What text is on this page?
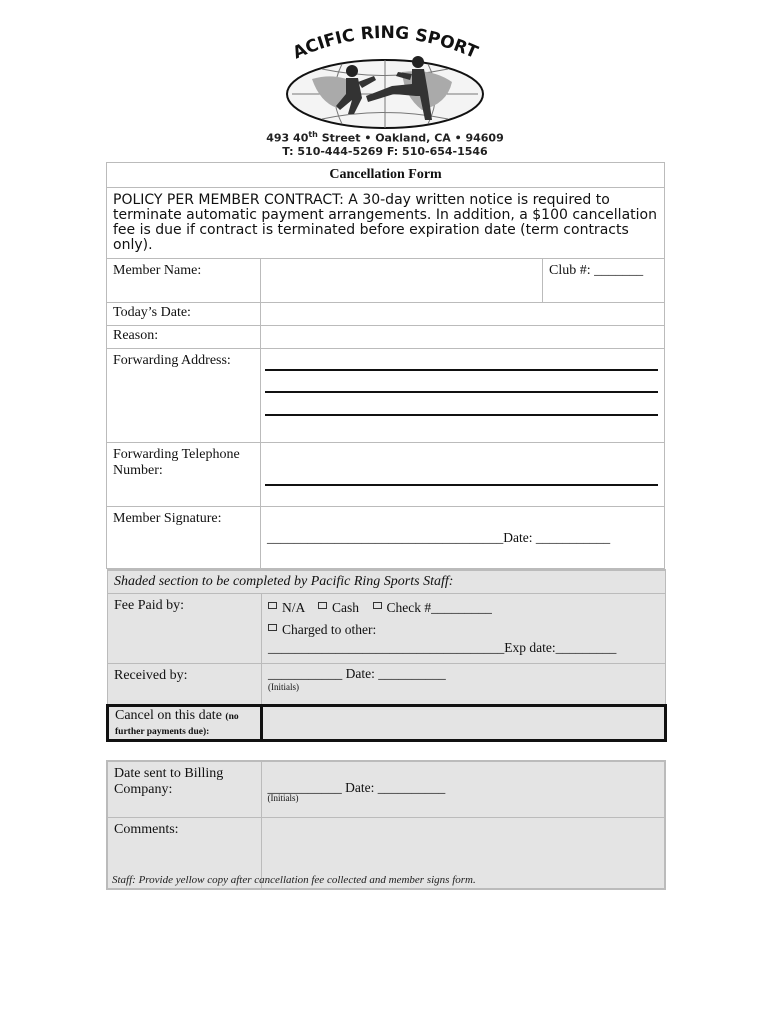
ACIFIC RING SPORT
493 40th Street • Oakland, CA • 94609
T: 510-444-5269 F: 510-654-1546
Cancellation Form		
POLICY PER MEMBER CONTRACT: A 30-day written notice is required to terminate automatic payment arrangements. In addition, a $100 cancellation fee is due if contract is terminated before expiration date (term contracts only).		
Member Name:		Club #: _______
Today’s Date:		
Reason:		
Forwarding Address:		

Forwarding Telephone Number:		

Member Signature:	___________________________________Date: ___________	
Shaded section to be completed by Pacific Ring Sports Staff:	
Fee Paid by:	N/A Cash Check #_________
Charged to other:
___________________________________Exp date:_________

Received by:	___________ Date: __________
(Initials)

Cancel on this date (no
further payments due):	
Date sent to Billing Company:	___________ Date: __________
(Initials)

Comments:	
Staff: Provide yellow copy after cancellation fee collected and member signs form.
